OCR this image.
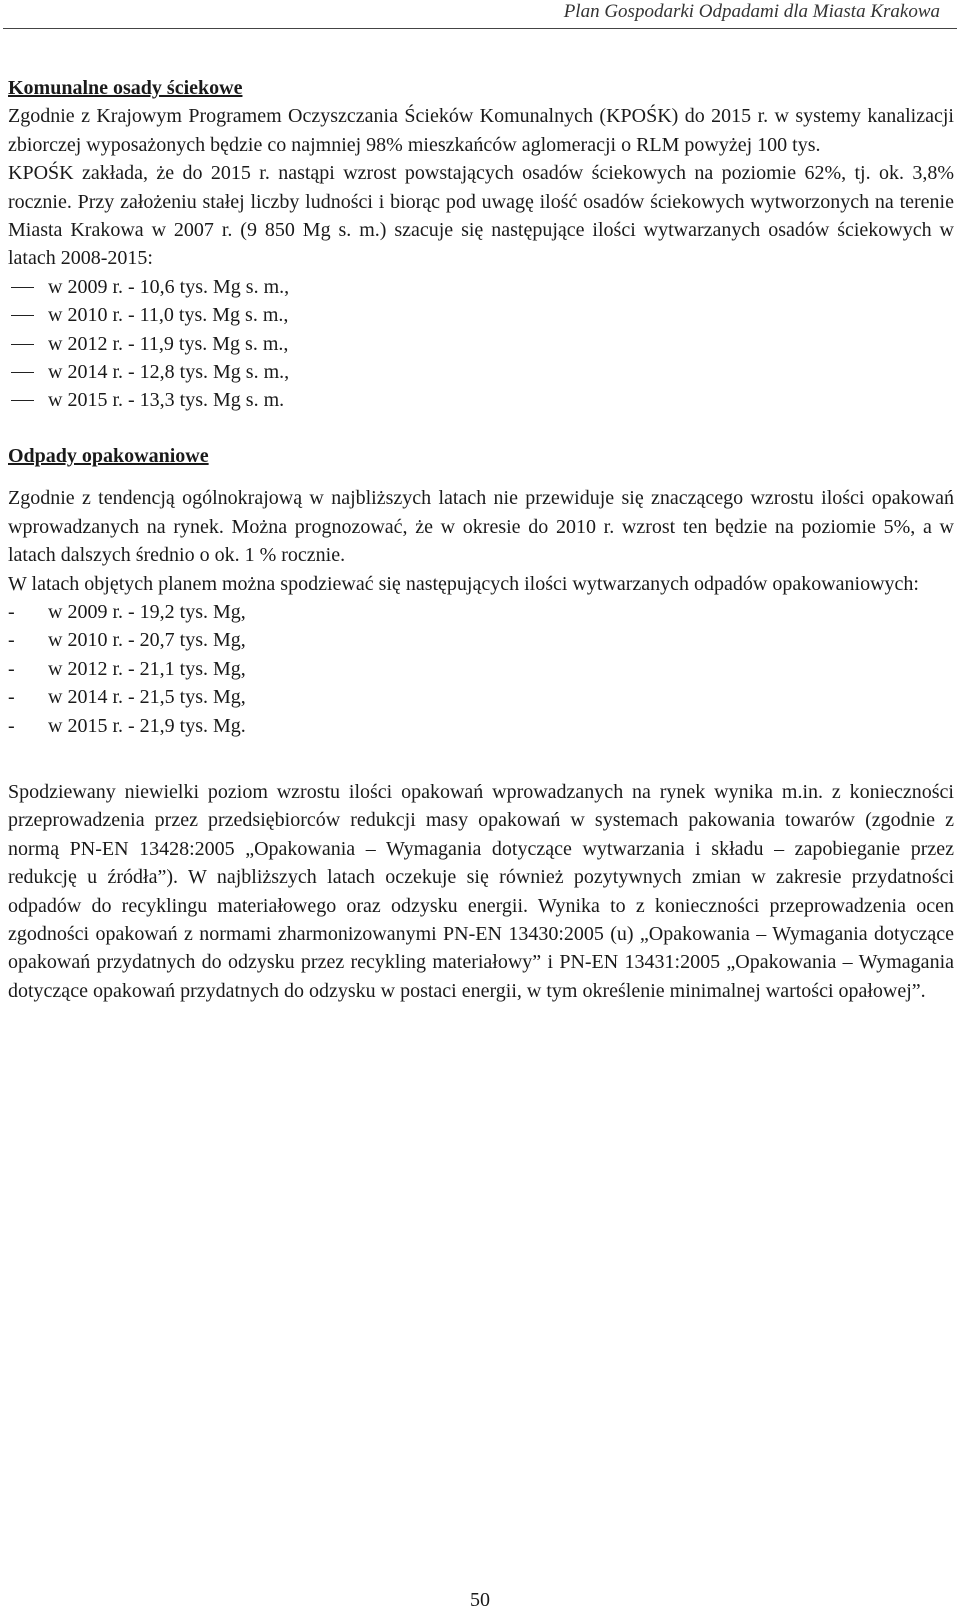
Plan Gospodarki Odpadami dla Miasta Krakowa

Komunalne osady ściekowe

Zgodnie z Krajowym Programem Oczyszczania Ścieków Komunalnych (KPOŚK) do 2015 r. w systemy kanalizacji zbiorczej wyposażonych będzie co najmniej 98% mieszkańców aglomeracji o RLM powyżej 100 tys.

KPOŚK zakłada, że do 2015 r. nastąpi wzrost powstających osadów ściekowych na poziomie 62%, tj. ok. 3,8% rocznie. Przy założeniu stałej liczby ludności i biorąc pod uwagę ilość osadów ściekowych wytworzonych na terenie Miasta Krakowa w 2007 r. (9 850 Mg s. m.) szacuje się następujące ilości wytwarzanych osadów ściekowych w latach 2008-2015:

w 2009 r. - 10,6 tys. Mg s. m.,
w 2010 r. - 11,0 tys. Mg s. m.,
w 2012 r. - 11,9 tys. Mg s. m.,
w 2014 r. - 12,8 tys. Mg s. m.,
w 2015 r. - 13,3 tys. Mg s. m.

Odpady opakowaniowe

Zgodnie z tendencją ogólnokrajową w najbliższych latach nie przewiduje się znaczącego wzrostu ilości opakowań wprowadzanych na rynek. Można prognozować, że w okresie do 2010 r. wzrost ten będzie na poziomie 5%, a w latach dalszych średnio o ok. 1 % rocznie.

W latach objętych planem można spodziewać się następujących ilości wytwarzanych odpadów opakowaniowych:

- w 2009 r. - 19,2 tys. Mg,
- w 2010 r. - 20,7 tys. Mg,
- w 2012 r. - 21,1 tys. Mg,
- w 2014 r. - 21,5 tys. Mg,
- w 2015 r. - 21,9 tys. Mg.

Spodziewany niewielki poziom wzrostu ilości opakowań wprowadzanych na rynek wynika m.in. z konieczności przeprowadzenia przez przedsiębiorców redukcji masy opakowań w systemach pakowania towarów (zgodnie z normą PN-EN 13428:2005 „Opakowania – Wymagania dotyczące wytwarzania i składu – zapobieganie przez redukcję u źródła”). W najbliższych latach oczekuje się również pozytywnych zmian w zakresie przydatności odpadów do recyklingu materiałowego oraz odzysku energii. Wynika to z konieczności przeprowadzenia ocen zgodności opakowań z normami zharmonizowanymi PN-EN 13430:2005 (u) „Opakowania – Wymagania dotyczące opakowań przydatnych do odzysku przez recykling materiałowy” i PN-EN 13431:2005 „Opakowania – Wymagania dotyczące opakowań przydatnych do odzysku w postaci energii, w tym określenie minimalnej wartości opałowej”.

50
